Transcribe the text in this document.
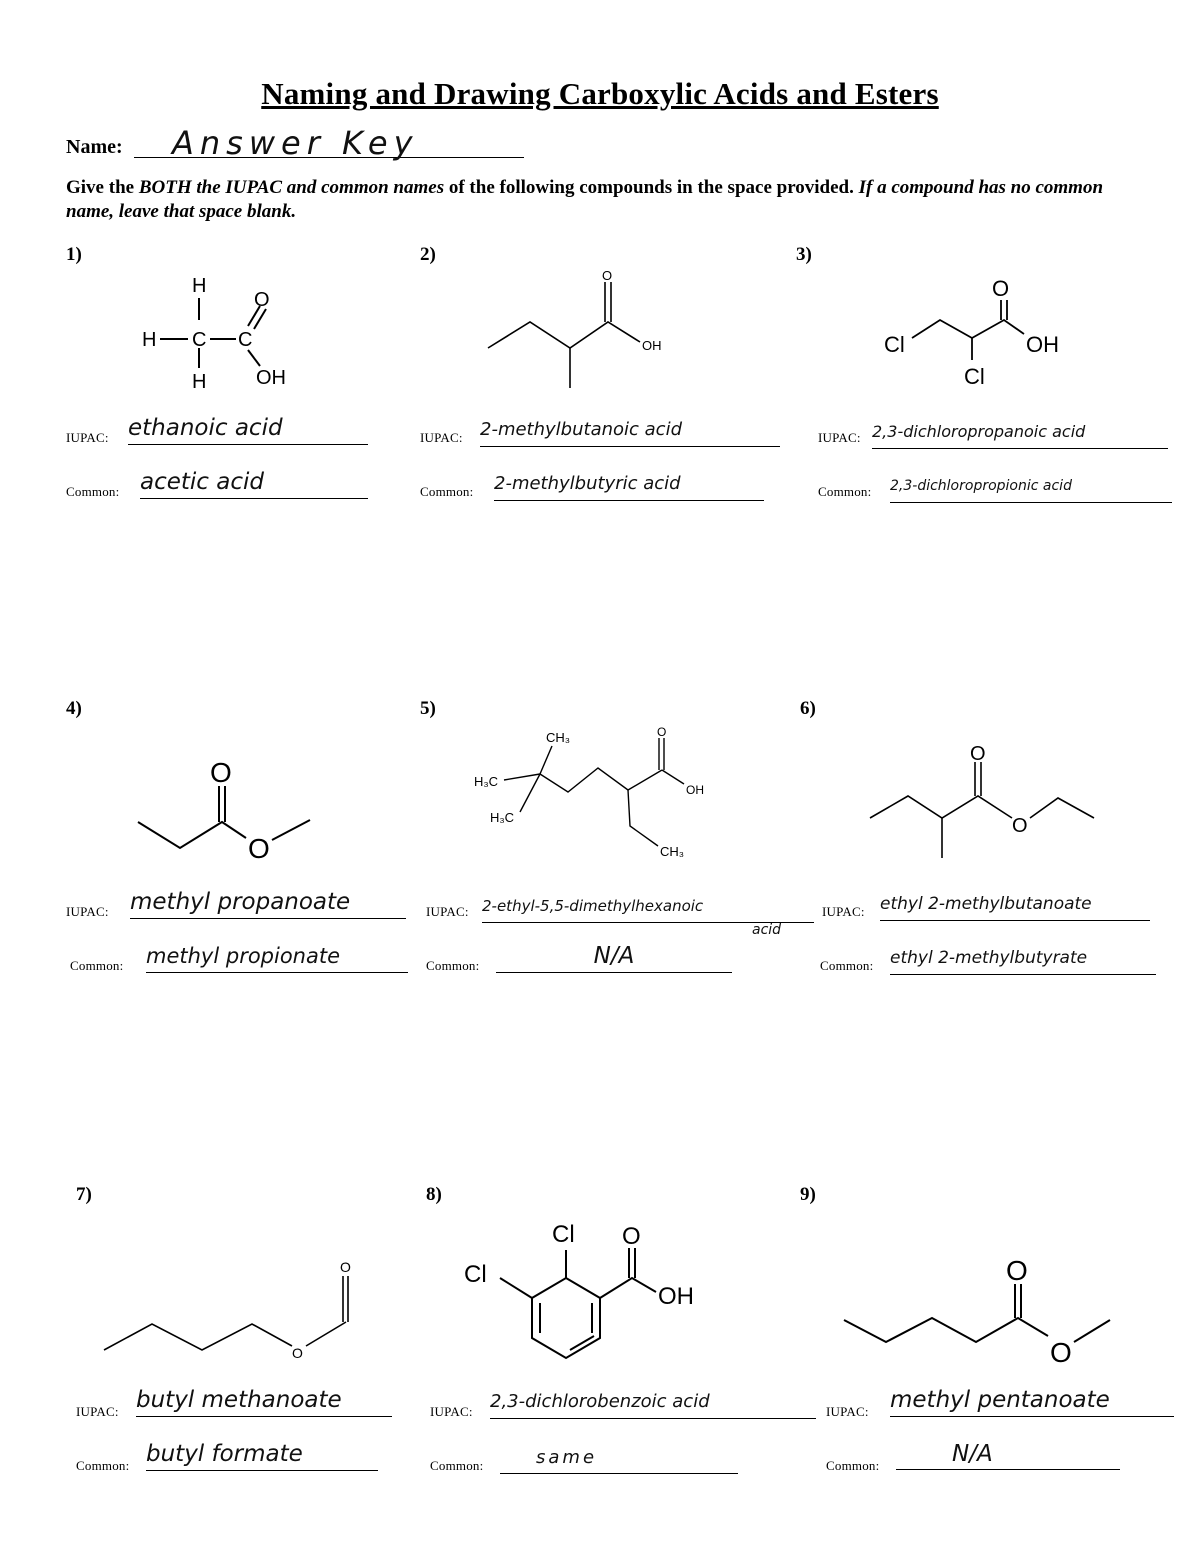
Naming and Drawing Carboxylic Acids and Esters
Name: Answer Key
Give the BOTH the IUPAC and common names of the following compounds in the space provided. If a compound has no common name, leave that space blank.
1)	2)	3)
H
H C C
H
O
OH
O
OH	Cl
Cl
O
OH
IUPAC: ethanoic acid
Common: acetic acid
IUPAC: 2-methylbutanoic acid
Common: 2-methylbutyric acid
IUPAC: 2,3-dichloropropanoic acid
Common: 2,3-dichloropropionic acid
4)	5)	6)
O
O
CH₃
H₃C
H₃C
O
OH
CH₃
O
O
IUPAC: methyl propanoate
Common: methyl propionate
IUPAC: 2-ethyl-5,5-dimethylhexanoic
acid
Common:	N/A
IUPAC: ethyl 2-methylbutanoate
Common: ethyl 2-methylbutyrate
7)	8)	9)
O
O
Cl
Cl
O
OH
O
O
IUPAC: butyl methanoate
Common: butyl formate
IUPAC: 2,3-dichlorobenzoic acid
Common:	same
IUPAC: methyl pentanoate
Common:	N/A
